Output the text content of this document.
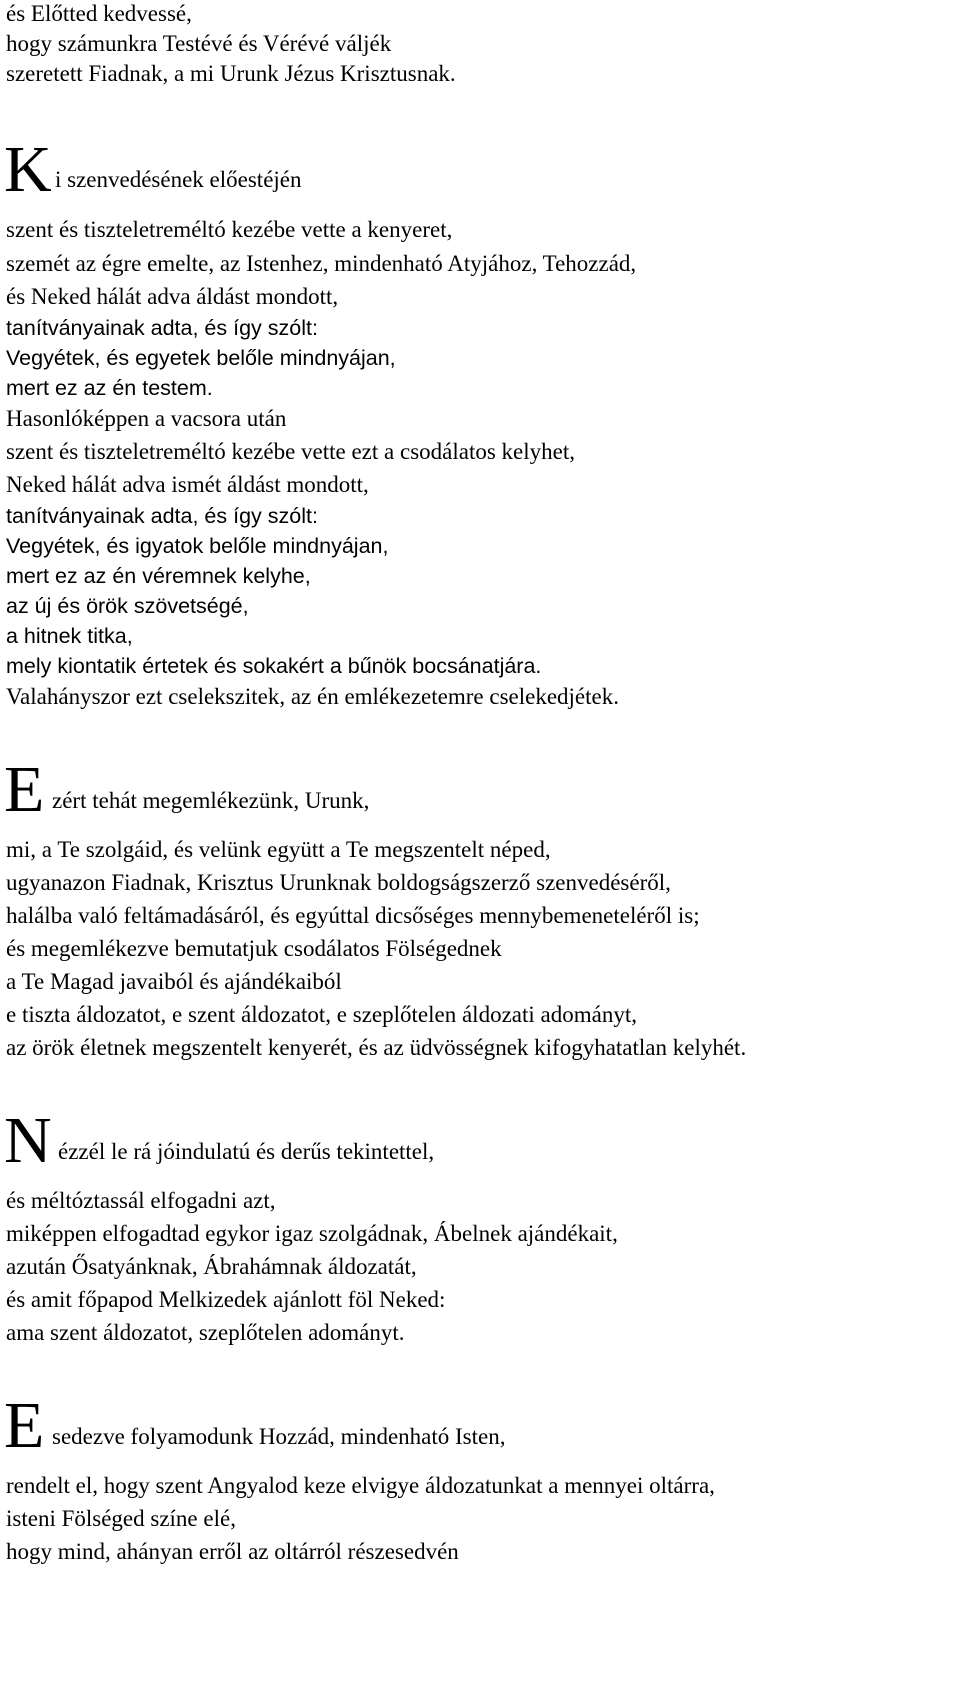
és Előtted kedvessé,

hogy számunkra Testévé és Vérévé váljék

szeretett Fiadnak, a mi Urunk Jézus Krisztusnak.

K i szenvedésének előestéjén

szent és tiszteletreméltó kezébe vette a kenyeret,

szemét az égre emelte, az Istenhez, mindenható Atyjához, Tehozzád,

és Neked hálát adva áldást mondott,

tanítványainak adta, és így szólt:

Vegyétek, és egyetek belőle mindnyájan,

mert ez az én testem.

Hasonlóképpen a vacsora után

szent és tiszteletreméltó kezébe vette ezt a csodálatos kelyhet,

Neked hálát adva ismét áldást mondott,

tanítványainak adta, és így szólt:

Vegyétek, és igyatok belőle mindnyájan,

mert ez az én véremnek kelyhe,

az új és örök szövetségé,

a hitnek titka,

mely kiontatik értetek és sokakért a bűnök bocsánatjára.

Valahányszor ezt cselekszitek, az én emlékezetemre cselekedjétek.

E zért tehát megemlékezünk, Urunk,

mi, a Te szolgáid, és velünk együtt a Te megszentelt néped,

ugyanazon Fiadnak, Krisztus Urunknak boldogságszerző szenvedéséről,

halálba való feltámadásáról, és egyúttal dicsőséges mennybemeneteléről is;

és megemlékezve bemutatjuk csodálatos Fölségednek

a Te Magad javaiból és ajándékaiból

e tiszta áldozatot, e szent áldozatot, e szeplőtelen áldozati adományt,

az örök életnek megszentelt kenyerét, és az üdvösségnek kifogyhatatlan kelyhét.

N ézzél le rá jóindulatú és derűs tekintettel,

és méltóztassál elfogadni azt,

miképpen elfogadtad egykor igaz szolgádnak, Ábelnek ajándékait,

azután Ősatyánknak, Ábrahámnak áldozatát,

és amit főpapod Melkizedek ajánlott föl Neked:

ama szent áldozatot, szeplőtelen adományt.

E sedezve folyamodunk Hozzád, mindenható Isten,

rendelt el, hogy szent Angyalod keze elvigye áldozatunkat a mennyei oltárra,

isteni Fölséged színe elé,

hogy mind, ahányan erről az oltárról részesedvén
